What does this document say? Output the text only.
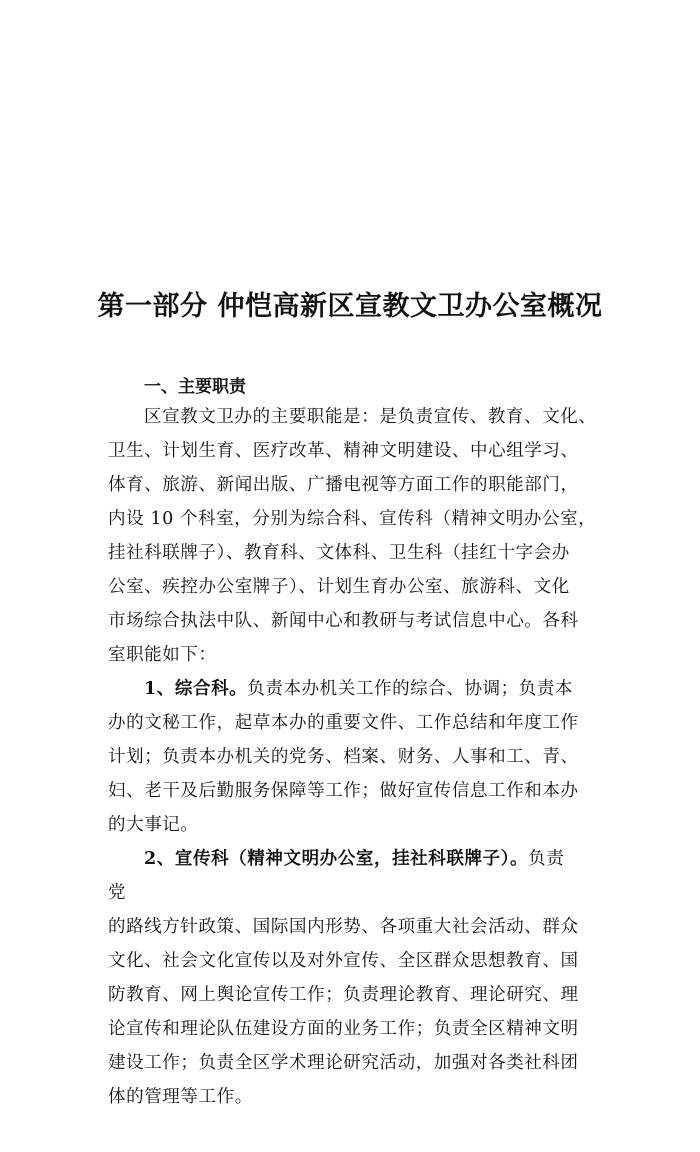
第一部分 仲恺高新区宣教文卫办公室概况
一、主要职责
区宣教文卫办的主要职能是：是负责宣传、教育、文化、
卫生、计划生育、医疗改革、精神文明建设、中心组学习、
体育、旅游、新闻出版、广播电视等方面工作的职能部门，
内设 10 个科室，分别为综合科、宣传科（精神文明办公室，
挂社科联牌子）、教育科、文体科、卫生科（挂红十字会办
公室、疾控办公室牌子）、计划生育办公室、旅游科、文化
市场综合执法中队、新闻中心和教研与考试信息中心。各科
室职能如下：
1、综合科。负责本办机关工作的综合、协调；负责本
办的文秘工作，起草本办的重要文件、工作总结和年度工作
计划；负责本办机关的党务、档案、财务、人事和工、青、
妇、老干及后勤服务保障等工作；做好宣传信息工作和本办
的大事记。
2、宣传科（精神文明办公室，挂社科联牌子）。负责
党
的路线方针政策、国际国内形势、各项重大社会活动、群众
文化、社会文化宣传以及对外宣传、全区群众思想教育、国
防教育、网上舆论宣传工作；负责理论教育、理论研究、理
论宣传和理论队伍建设方面的业务工作；负责全区精神文明
建设工作；负责全区学术理论研究活动，加强对各类社科团
体的管理等工作。
